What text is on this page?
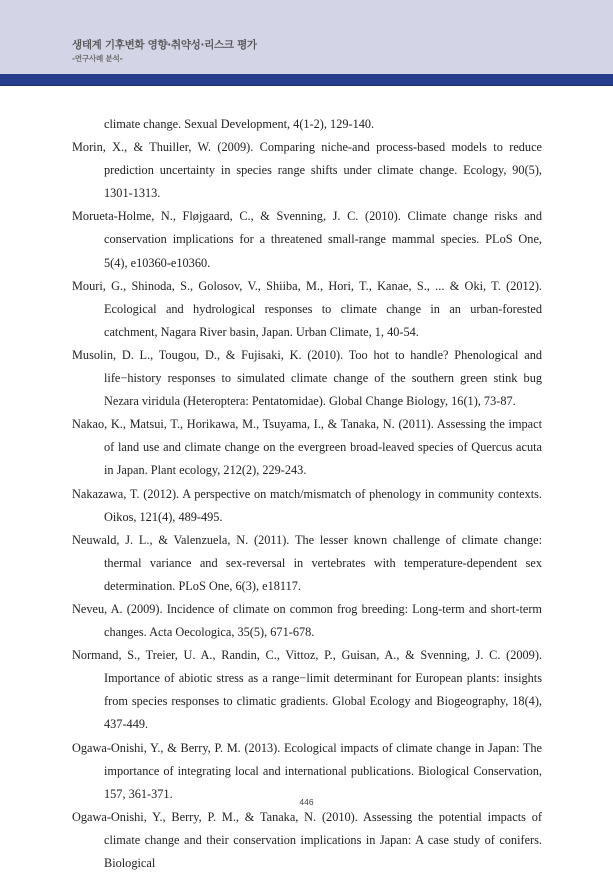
생태계 기후변화 영향·취약성·리스크 평가
-연구사례 분석-

climate change. Sexual Development, 4(1-2), 129-140.

Morin, X., & Thuiller, W. (2009). Comparing niche-and process-based models to reduce prediction uncertainty in species range shifts under climate change. Ecology, 90(5), 1301-1313.

Morueta-Holme, N., Fløjgaard, C., & Svenning, J. C. (2010). Climate change risks and conservation implications for a threatened small-range mammal species. PLoS One, 5(4), e10360-e10360.

Mouri, G., Shinoda, S., Golosov, V., Shiiba, M., Hori, T., Kanae, S., ... & Oki, T. (2012). Ecological and hydrological responses to climate change in an urban-forested catchment, Nagara River basin, Japan. Urban Climate, 1, 40-54.

Musolin, D. L., Tougou, D., & Fujisaki, K. (2010). Too hot to handle? Phenological and life−history responses to simulated climate change of the southern green stink bug Nezara viridula (Heteroptera: Pentatomidae). Global Change Biology, 16(1), 73-87.

Nakao, K., Matsui, T., Horikawa, M., Tsuyama, I., & Tanaka, N. (2011). Assessing the impact of land use and climate change on the evergreen broad-leaved species of Quercus acuta in Japan. Plant ecology, 212(2), 229-243.

Nakazawa, T. (2012). A perspective on match/mismatch of phenology in community contexts. Oikos, 121(4), 489-495.

Neuwald, J. L., & Valenzuela, N. (2011). The lesser known challenge of climate change: thermal variance and sex-reversal in vertebrates with temperature-dependent sex determination. PLoS One, 6(3), e18117.

Neveu, A. (2009). Incidence of climate on common frog breeding: Long-term and short-term changes. Acta Oecologica, 35(5), 671-678.

Normand, S., Treier, U. A., Randin, C., Vittoz, P., Guisan, A., & Svenning, J. C. (2009). Importance of abiotic stress as a range−limit determinant for European plants: insights from species responses to climatic gradients. Global Ecology and Biogeography, 18(4), 437-449.

Ogawa-Onishi, Y., & Berry, P. M. (2013). Ecological impacts of climate change in Japan: The importance of integrating local and international publications. Biological Conservation, 157, 361-371.

Ogawa-Onishi, Y., Berry, P. M., & Tanaka, N. (2010). Assessing the potential impacts of climate change and their conservation implications in Japan: A case study of conifers. Biological

446
